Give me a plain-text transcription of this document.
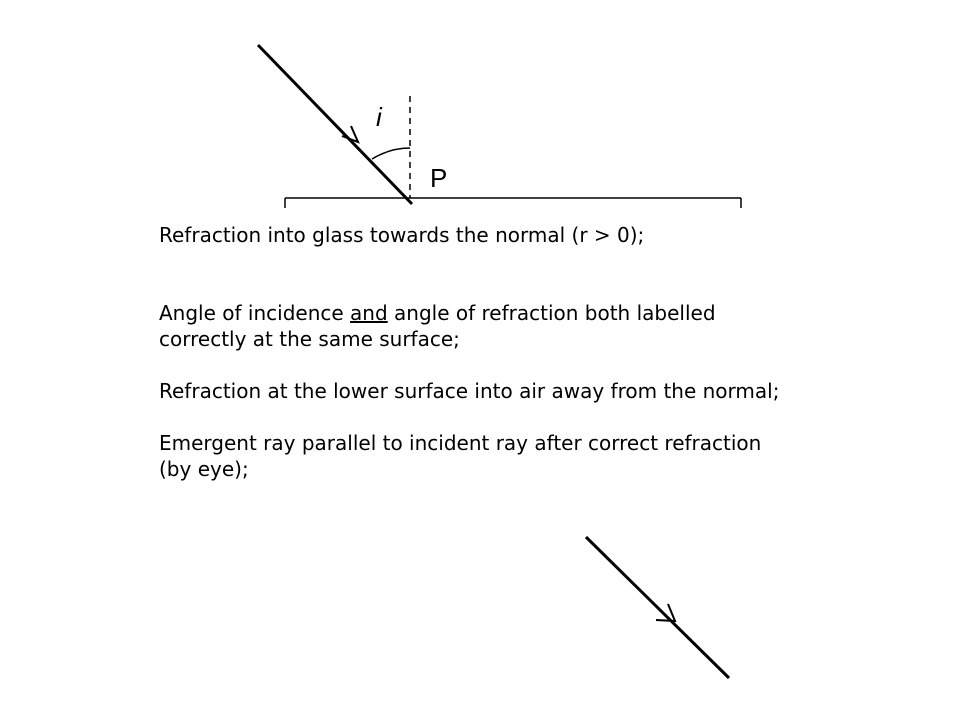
i
P

Refraction into glass towards the normal (r > 0);

Angle of incidence and angle of refraction both labelled correctly at the same surface;

Refraction at the lower surface into air away from the normal;

Emergent ray parallel to incident ray after correct refraction (by eye);
